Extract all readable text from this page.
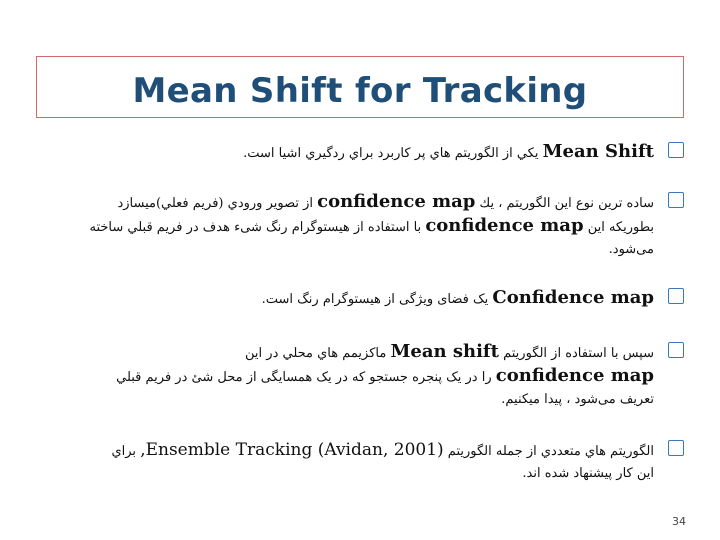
Mean Shift for Tracking
Mean Shift يكي از الگوريتم هاي پر كاربرد براي ردگيري اشيا است.
ساده ترين نوع اين الگوريتم ، يك confidence map از تصوير ورودي (فريم فعلي)ميسازد
بطوريكه اين confidence map با استفاده از هیستوگرام رنگ شیء هدف در فريم قبلي ساخته
می‌شود.
Confidence map یک فضای ویژگی از هیستوگرام رنگ است.
سپس با استفاده از الگوريتم Mean shift ماكزيمم هاي محلي در اين
confidence map را در یک پنجره جستجو که در یک همسایگی از محل شئ در فريم قبلي
تعریف می‌شود ، پيدا ميكنيم.
الگوريتم هاي متعددي از جمله الگوريتم Ensemble Tracking (Avidan, 2001), براي
اين كار پيشنهاد شده اند.
34
